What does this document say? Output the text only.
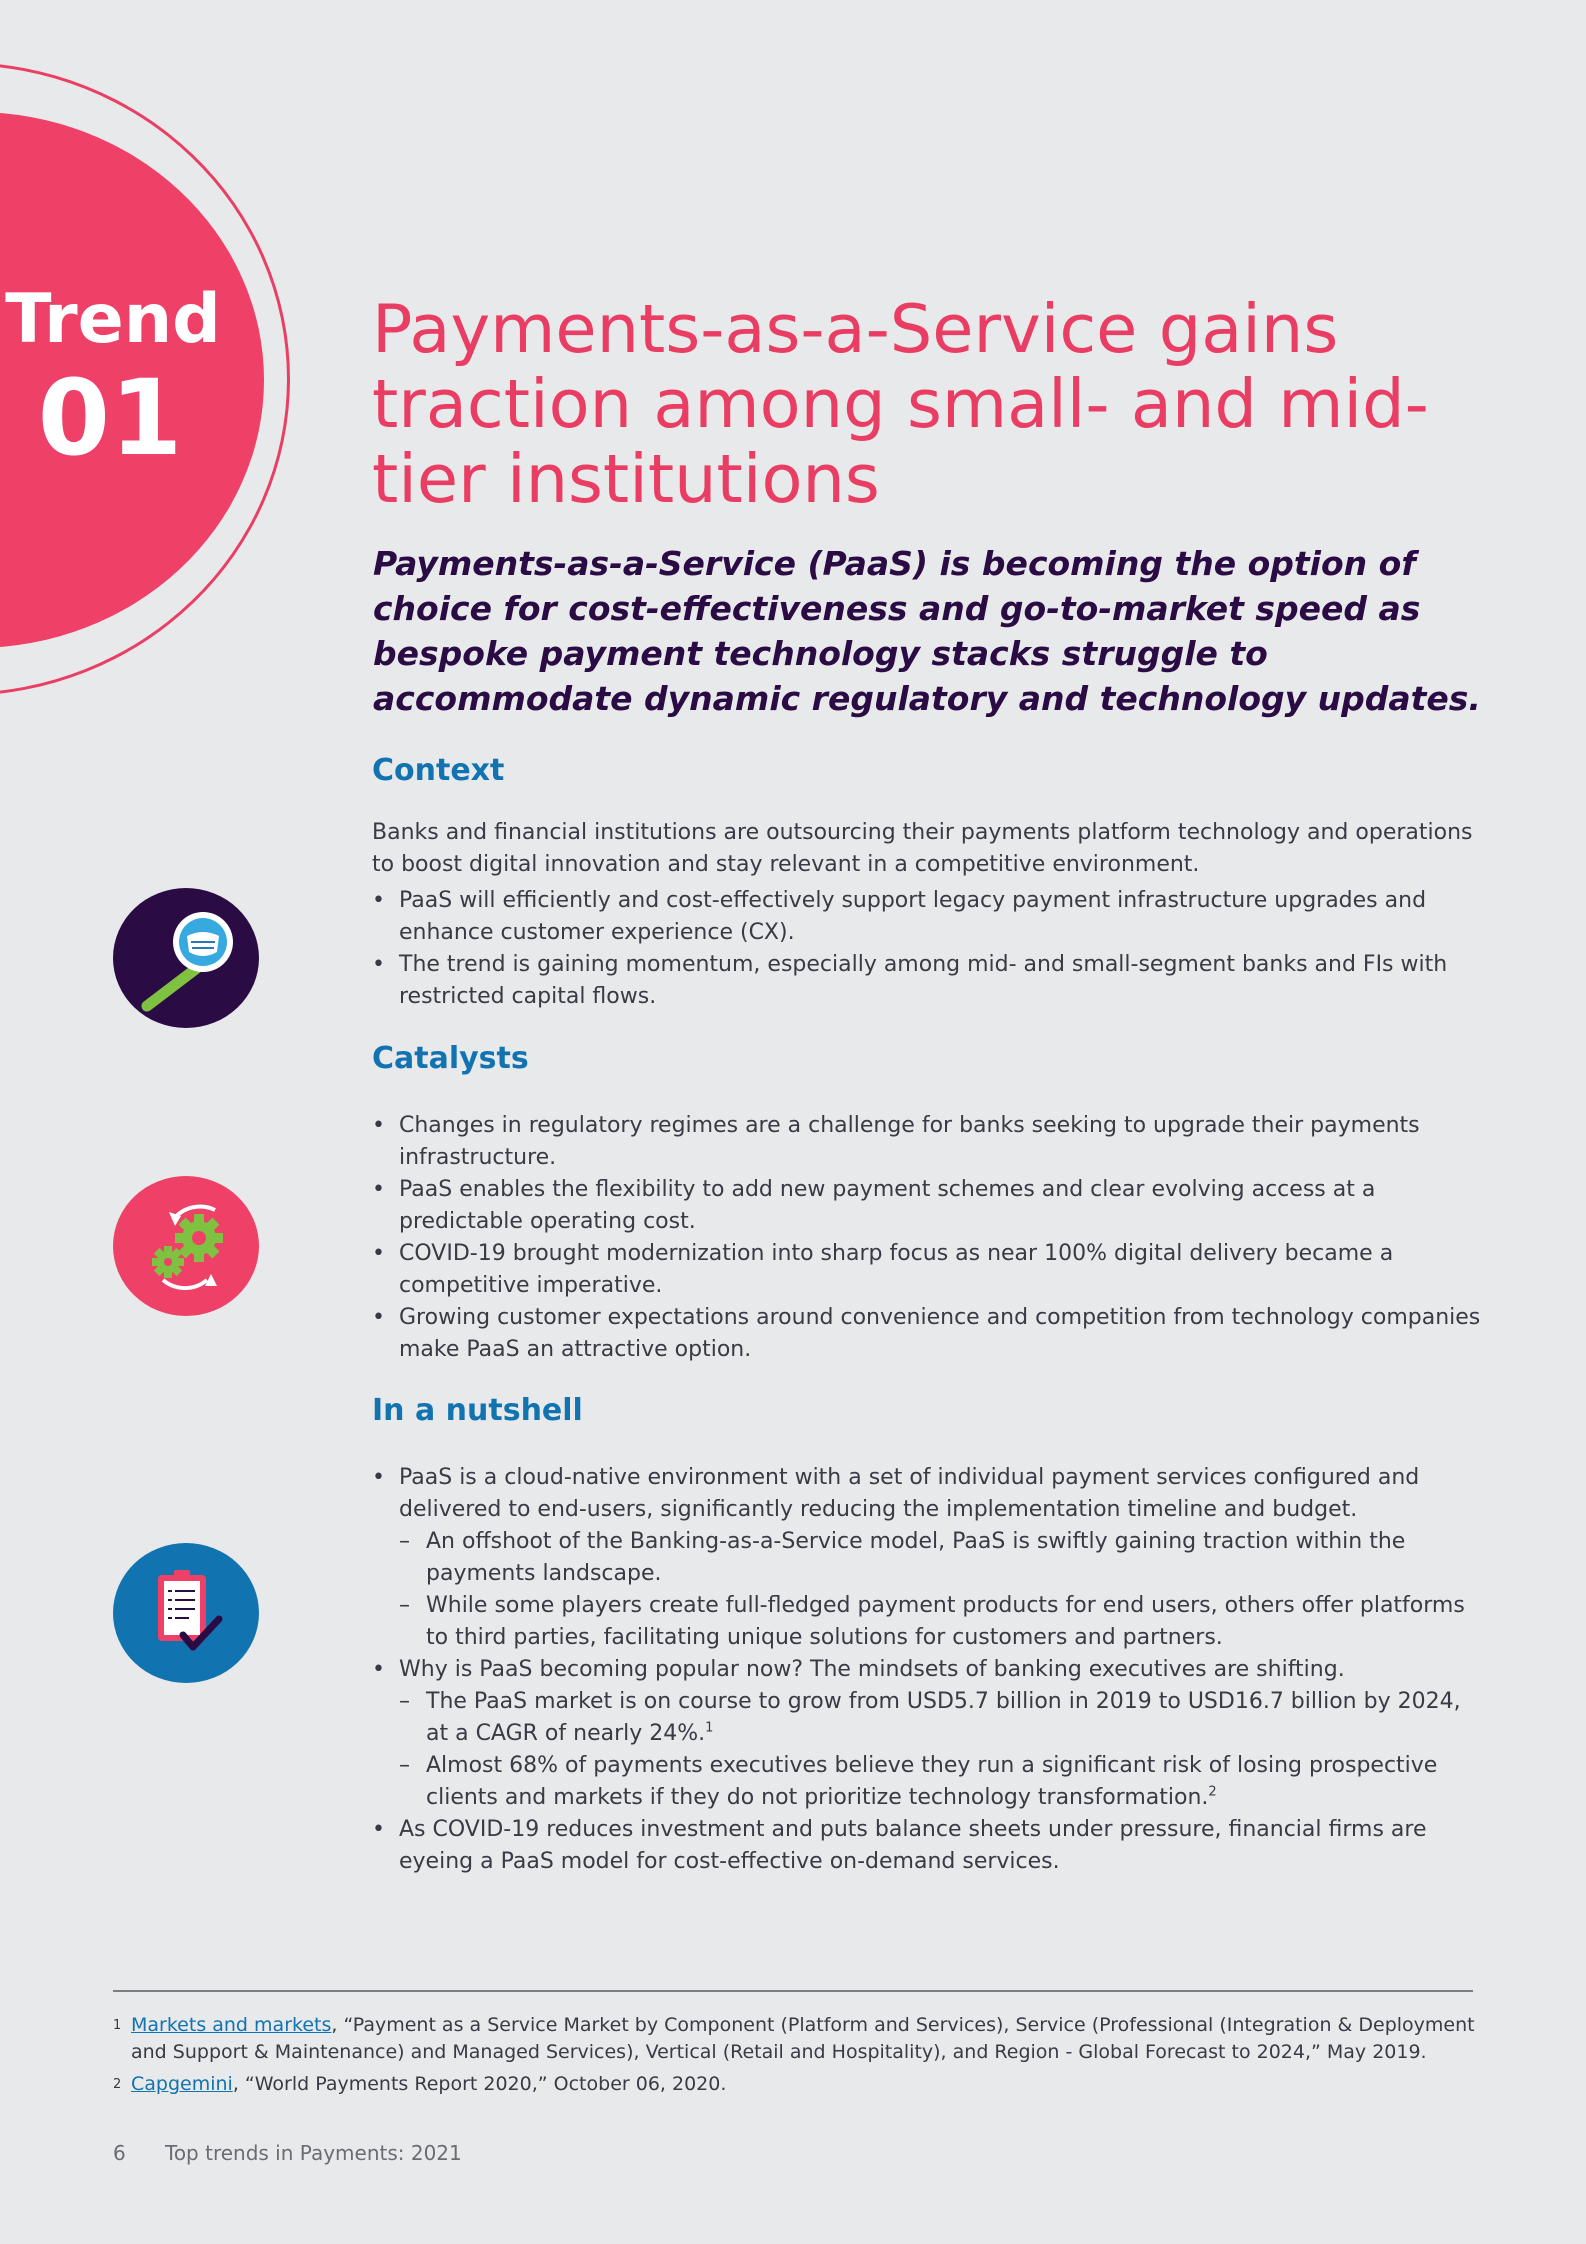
Trend
01
Payments-as-a-Service gains traction among small- and mid-tier institutions

Payments-as-a-Service (PaaS) is becoming the option of choice for cost-effectiveness and go-to-market speed as bespoke payment technology stacks struggle to accommodate dynamic regulatory and technology updates.

Context

Banks and financial institutions are outsourcing their payments platform technology and operations to boost digital innovation and stay relevant in a competitive environment.

• PaaS will efficiently and cost-effectively support legacy payment infrastructure upgrades and enhance customer experience (CX).
• The trend is gaining momentum, especially among mid- and small-segment banks and FIs with restricted capital flows.
Catalysts
• Changes in regulatory regimes are a challenge for banks seeking to upgrade their payments infrastructure.
• PaaS enables the flexibility to add new payment schemes and clear evolving access at a predictable operating cost.
• COVID-19 brought modernization into sharp focus as near 100% digital delivery became a competitive imperative.
• Growing customer expectations around convenience and competition from technology companies make PaaS an attractive option.
In a nutshell
• PaaS is a cloud-native environment with a set of individual payment services configured and delivered to end-users, significantly reducing the implementation timeline and budget.
– An offshoot of the Banking-as-a-Service model, PaaS is swiftly gaining traction within the payments landscape.
– While some players create full-fledged payment products for end users, others offer platforms to third parties, facilitating unique solutions for customers and partners.
• Why is PaaS becoming popular now? The mindsets of banking executives are shifting.
– The PaaS market is on course to grow from USD5.7 billion in 2019 to USD16.7 billion by 2024, at a CAGR of nearly 24%.$^1$
– Almost 68% of payments executives believe they run a significant risk of losing prospective clients and markets if they do not prioritize technology transformation.$^2$
• As COVID-19 reduces investment and puts balance sheets under pressure, financial firms are eyeing a PaaS model for cost-effective on-demand services.

1 Markets and markets, “Payment as a Service Market by Component (Platform and Services), Service (Professional (Integration & Deployment and Support & Maintenance) and Managed Services), Vertical (Retail and Hospitality), and Region - Global Forecast to 2024,” May 2019.

2 Capgemini, “World Payments Report 2020,” October 06, 2020.

6 Top trends in Payments: 2021
